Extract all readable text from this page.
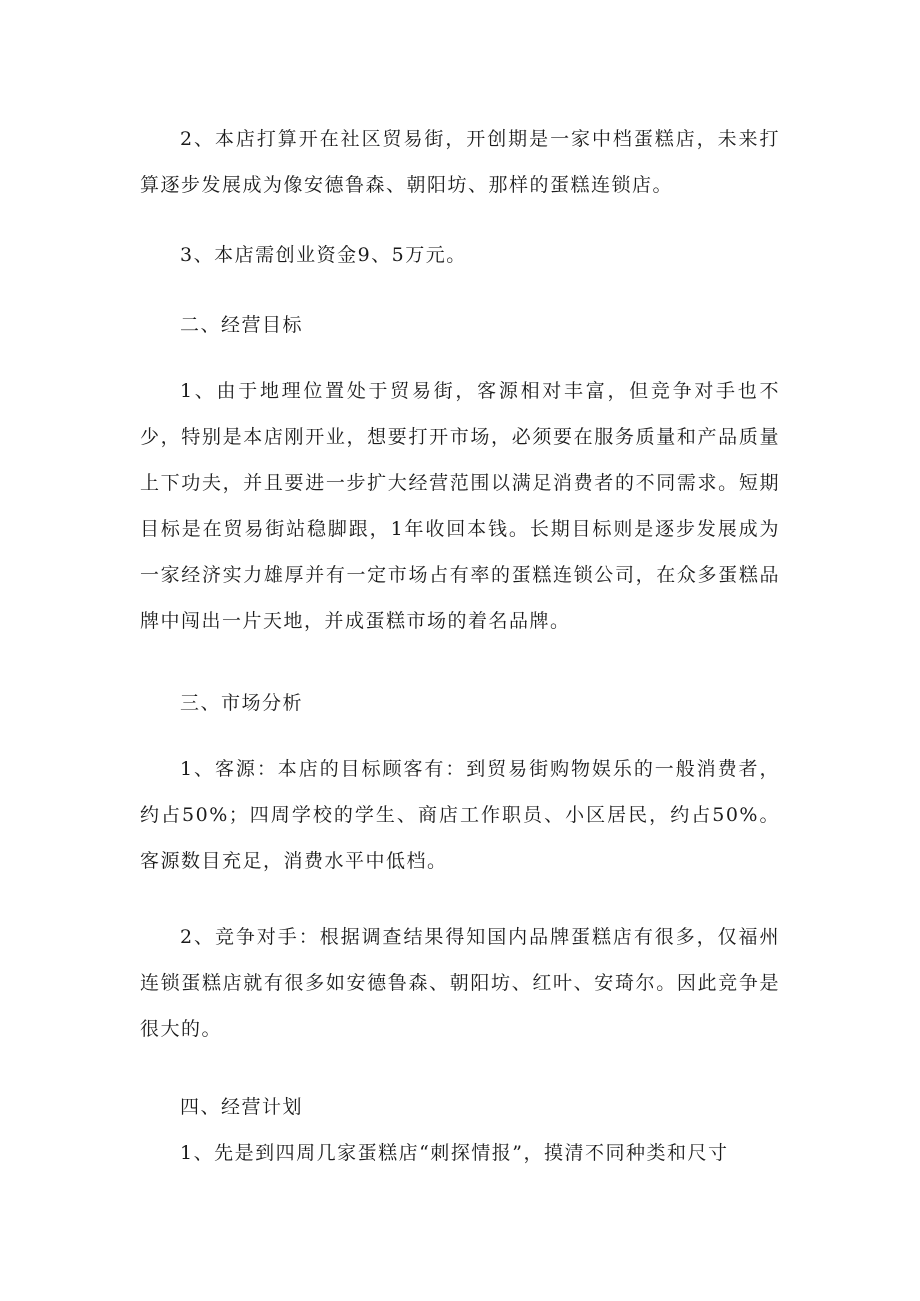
2、本店打算开在社区贸易街，开创期是一家中档蛋糕店，未来打算逐步发展成为像安德鲁森、朝阳坊、那样的蛋糕连锁店。

3、本店需创业资金9、5万元。

二、经营目标

1、由于地理位置处于贸易街，客源相对丰富，但竞争对手也不少，特别是本店刚开业，想要打开市场，必须要在服务质量和产品质量上下功夫，并且要进一步扩大经营范围以满足消费者的不同需求。短期目标是在贸易街站稳脚跟，1年收回本钱。长期目标则是逐步发展成为一家经济实力雄厚并有一定市场占有率的蛋糕连锁公司，在众多蛋糕品牌中闯出一片天地，并成蛋糕市场的着名品牌。

三、市场分析

1、客源：本店的目标顾客有：到贸易街购物娱乐的一般消费者，约占50%；四周学校的学生、商店工作职员、小区居民，约占50%。客源数目充足，消费水平中低档。

2、竞争对手：根据调查结果得知国内品牌蛋糕店有很多，仅福州连锁蛋糕店就有很多如安德鲁森、朝阳坊、红叶、安琦尔。因此竞争是很大的。

四、经营计划

1、先是到四周几家蛋糕店“刺探情报”，摸清不同种类和尺寸
